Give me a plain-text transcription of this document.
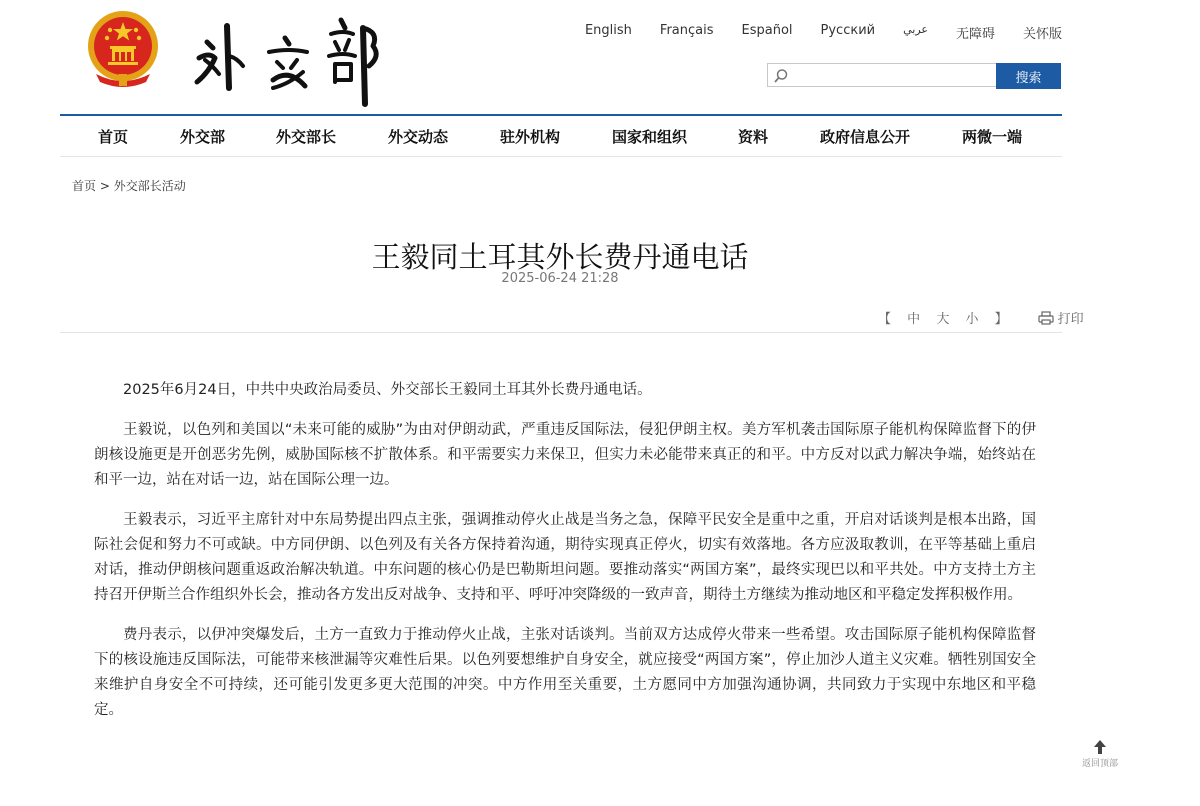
English Français Español Русский	عربي 无障碍 关怀版
搜索
首页	外交部	外交部长	外交动态	驻外机构	国家和组织	资料	政府信息公开	两微一端
首页 > 外交部长活动
王毅同土耳其外长费丹通电话
2025-06-24 21:28
【 中 大 小 】	打印

2025年6月24日，中共中央政治局委员、外交部长王毅同土耳其外长费丹通电话。

王毅说，以色列和美国以“未来可能的威胁”为由对伊朗动武，严重违反国际法，侵犯伊朗主权。美方军机袭击国际原子能机构保障监督下的伊朗核设施更是开创恶劣先例，威胁国际核不扩散体系。和平需要实力来保卫，但实力未必能带来真正的和平。中方反对以武力解决争端，始终站在和平一边，站在对话一边，站在国际公理一边。

王毅表示，习近平主席针对中东局势提出四点主张，强调推动停火止战是当务之急，保障平民安全是重中之重，开启对话谈判是根本出路，国际社会促和努力不可或缺。中方同伊朗、以色列及有关各方保持着沟通，期待实现真正停火，切实有效落地。各方应汲取教训，在平等基础上重启对话，推动伊朗核问题重返政治解决轨道。中东问题的核心仍是巴勒斯坦问题。要推动落实“两国方案”，最终实现巴以和平共处。中方支持土方主持召开伊斯兰合作组织外长会，推动各方发出反对战争、支持和平、呼吁冲突降级的一致声音，期待土方继续为推动地区和平稳定发挥积极作用。

费丹表示，以伊冲突爆发后，土方一直致力于推动停火止战，主张对话谈判。当前双方达成停火带来一些希望。攻击国际原子能机构保障监督下的核设施违反国际法，可能带来核泄漏等灾难性后果。以色列要想维护自身安全，就应接受“两国方案”，停止加沙人道主义灾难。牺牲别国安全来维护自身安全不可持续，还可能引发更多更大范围的冲突。中方作用至关重要，土方愿同中方加强沟通协调，共同致力于实现中东地区和平稳定。

返回顶部
